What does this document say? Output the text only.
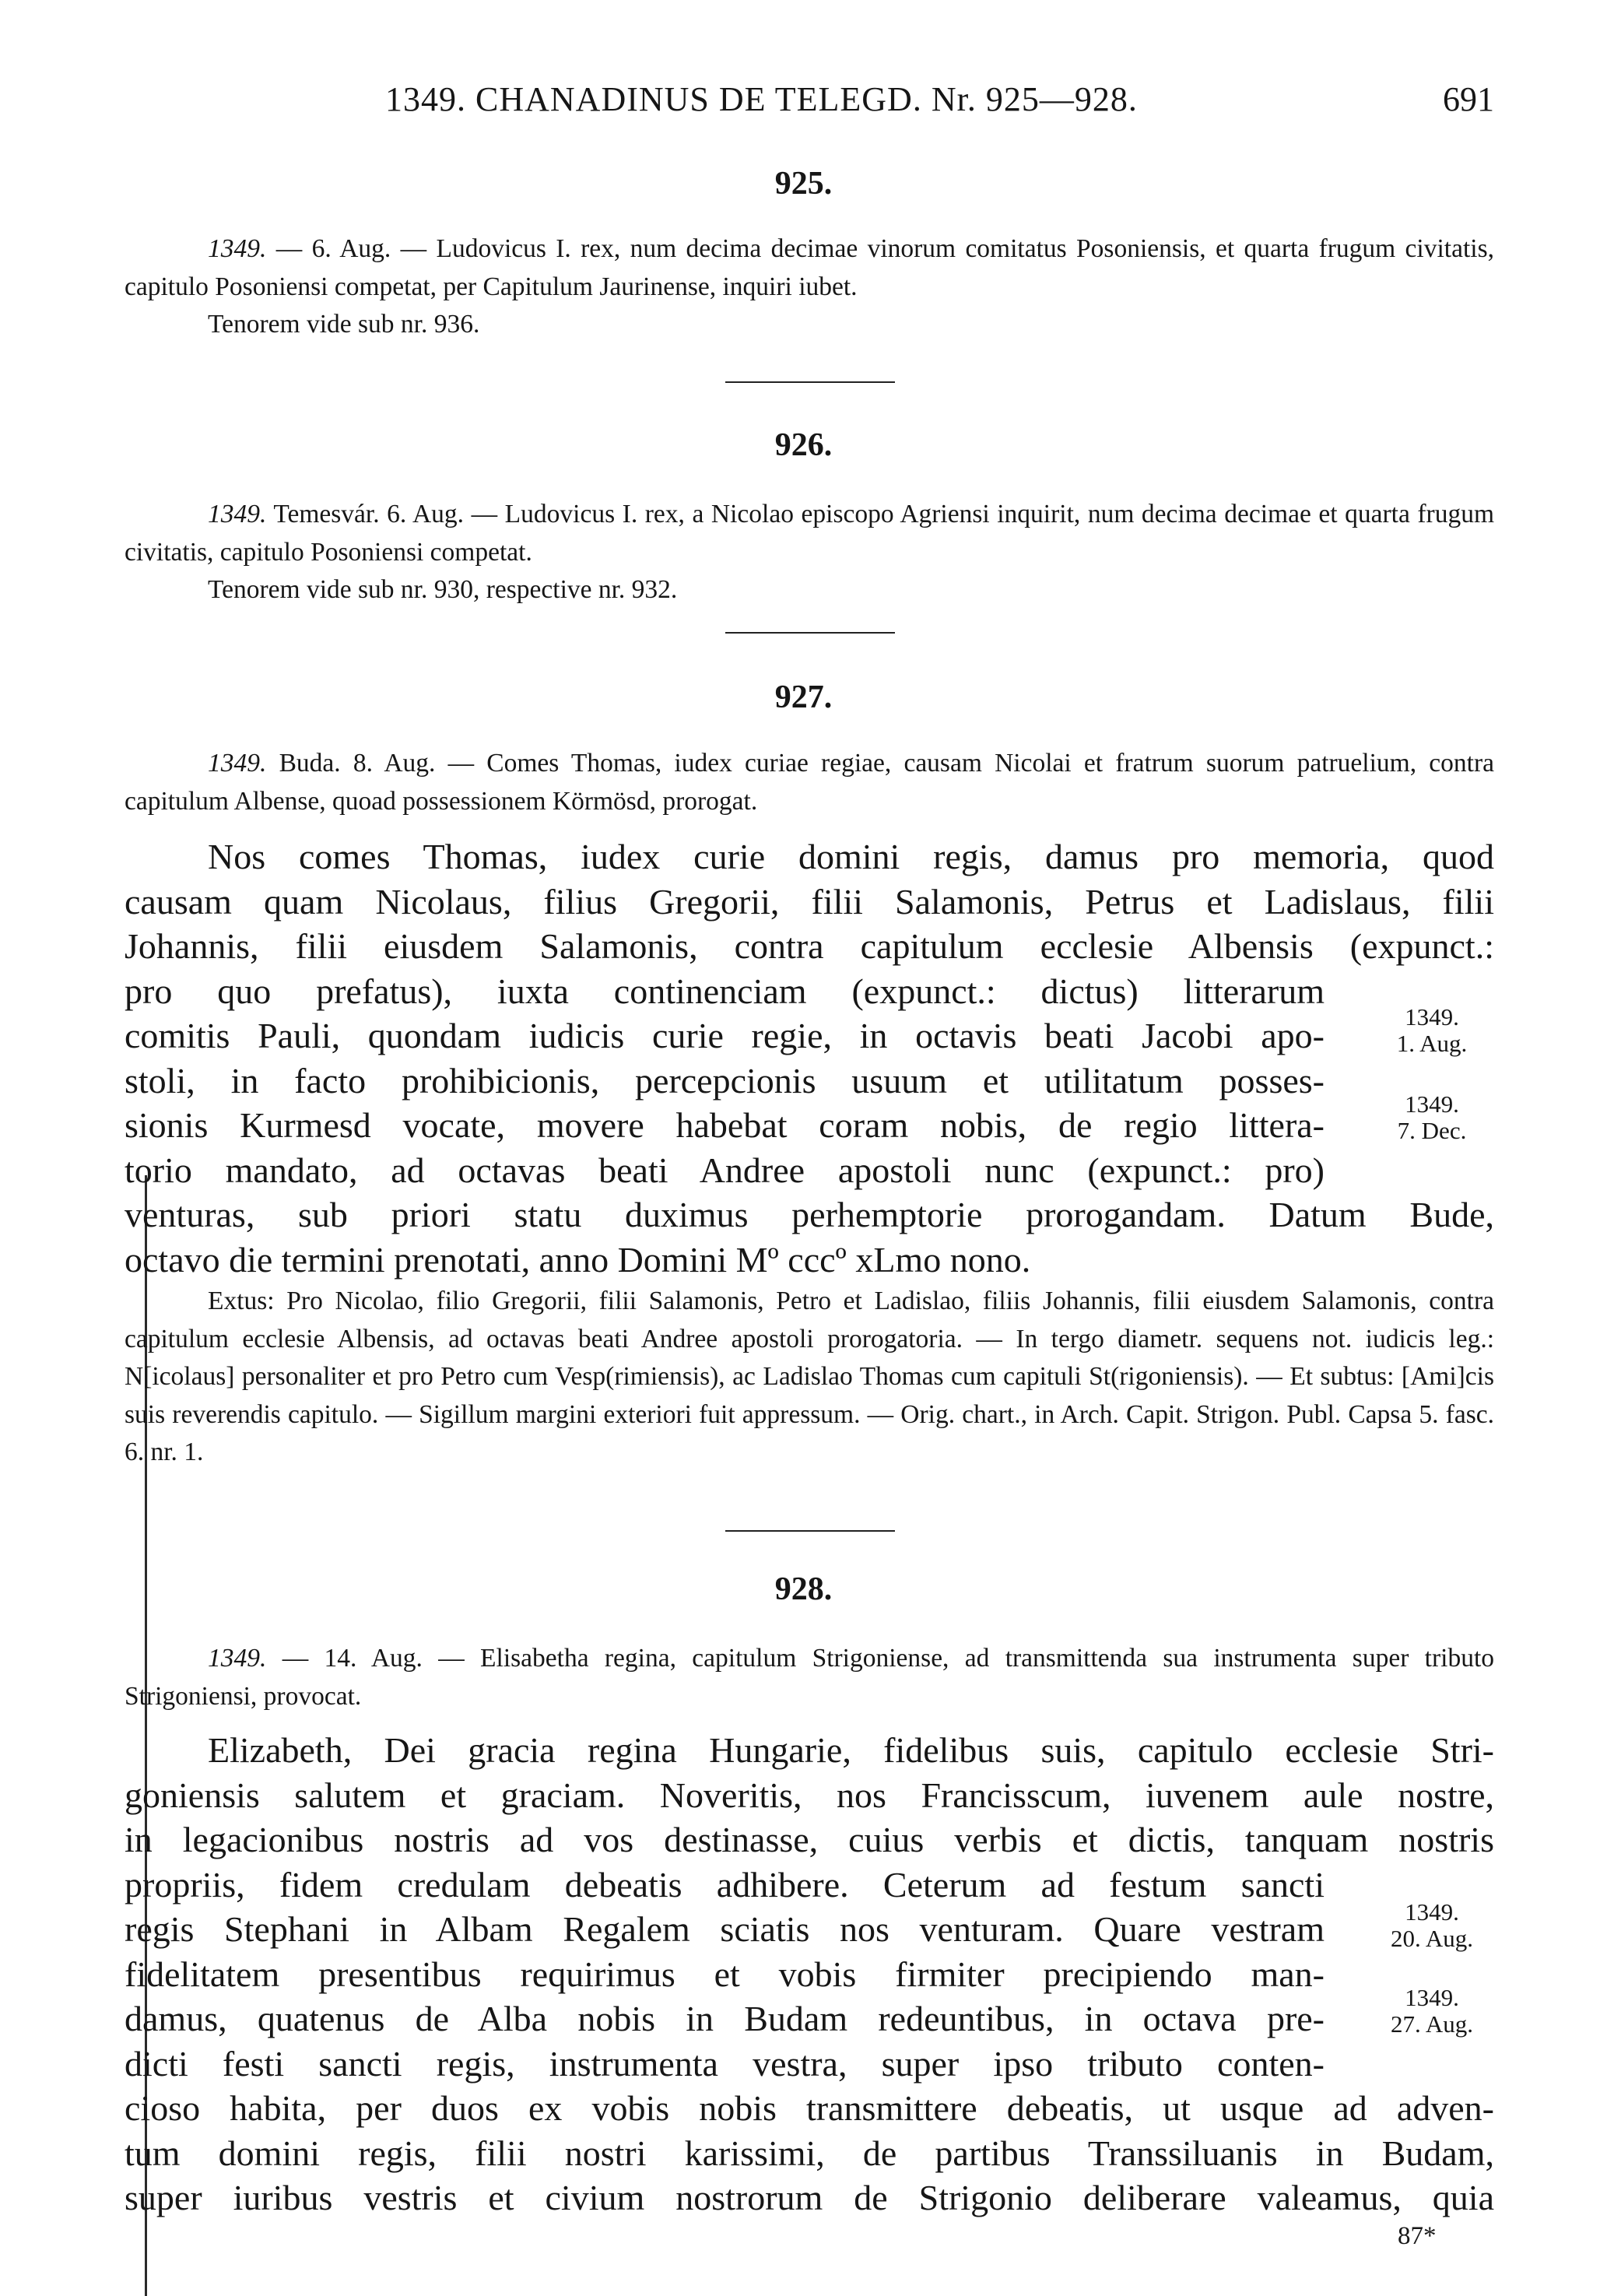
1349. CHANADINUS DE TELEGD. Nr. 925—928.	691
925.

1349. — 6. Aug. — Ludovicus I. rex, num decima decimae vinorum comitatus Posoniensis, et quarta frugum civitatis, capitulo Posoniensi competat, per Capitulum Jaurinense, inquiri iubet.

Tenorem vide sub nr. 936.

926.

1349. Temesvár. 6. Aug. — Ludovicus I. rex, a Nicolao episcopo Agriensi inquirit, num decima decimae et quarta frugum civitatis, capitulo Posoniensi competat.

Tenorem vide sub nr. 930, respective nr. 932.

927.

1349. Buda. 8. Aug. — Comes Thomas, iudex curiae regiae, causam Nicolai et fratrum suorum patruelium, contra capitulum Albense, quoad possessionem Körmösd, prorogat.

Nos comes Thomas, iudex curie domini regis, damus pro memoria, quod
causam quam Nicolaus, filius Gregorii, filii Salamonis, Petrus et Ladislaus, filii
Johannis, filii eiusdem Salamonis, contra capitulum ecclesie Albensis (expunct.:
pro quo prefatus), iuxta continenciam (expunct.: dictus) litterarum
comitis Pauli, quondam iudicis curie regie, in octavis beati Jacobi apo-
stoli, in facto prohibicionis, percepcionis usuum et utilitatum posses-
sionis Kurmesd vocate, movere habebat coram nobis, de regio littera-
torio mandato, ad octavas beati Andree apostoli nunc (expunct.: pro)
venturas, sub priori statu duximus perhemptorie prorogandam. Datum Bude,
octavo die termini prenotati, anno Domini Mº cccº xLmo nono.
1349.
1. Aug.
1349.
7. Dec.

Extus: Pro Nicolao, filio Gregorii, filii Salamonis, Petro et Ladislao, filiis Johannis, filii eiusdem Salamonis, contra capitulum ecclesie Albensis, ad octavas beati Andree apostoli prorogatoria. — In tergo diametr. sequens not. iudicis leg.: N[icolaus] personaliter et pro Petro cum Vesp(rimiensis), ac Ladislao Thomas cum capituli St(rigoniensis). — Et subtus: [Ami]cis suis reverendis capitulo. — Sigillum margini exteriori fuit appressum. — Orig. chart., in Arch. Capit. Strigon. Publ. Capsa 5. fasc. 6. nr. 1.

928.

1349. — 14. Aug. — Elisabetha regina, capitulum Strigoniense, ad transmittenda sua instrumenta super tributo Strigoniensi, provocat.

Elizabeth, Dei gracia regina Hungarie, fidelibus suis, capitulo ecclesie Stri-
goniensis salutem et graciam. Noveritis, nos Francisscum, iuvenem aule nostre,
in legacionibus nostris ad vos destinasse, cuius verbis et dictis, tanquam nostris
propriis, fidem credulam debeatis adhibere. Ceterum ad festum sancti
regis Stephani in Albam Regalem sciatis nos venturam. Quare vestram
fidelitatem presentibus requirimus et vobis firmiter precipiendo man-
damus, quatenus de Alba nobis in Budam redeuntibus, in octava pre-
dicti festi sancti regis, instrumenta vestra, super ipso tributo conten-
cioso habita, per duos ex vobis nobis transmittere debeatis, ut usque ad adven-
tum domini regis, filii nostri karissimi, de partibus Transsiluanis in Budam,
super iuribus vestris et civium nostrorum de Strigonio deliberare valeamus, quia
1349.
20. Aug.
1349.
27. Aug.
87*
